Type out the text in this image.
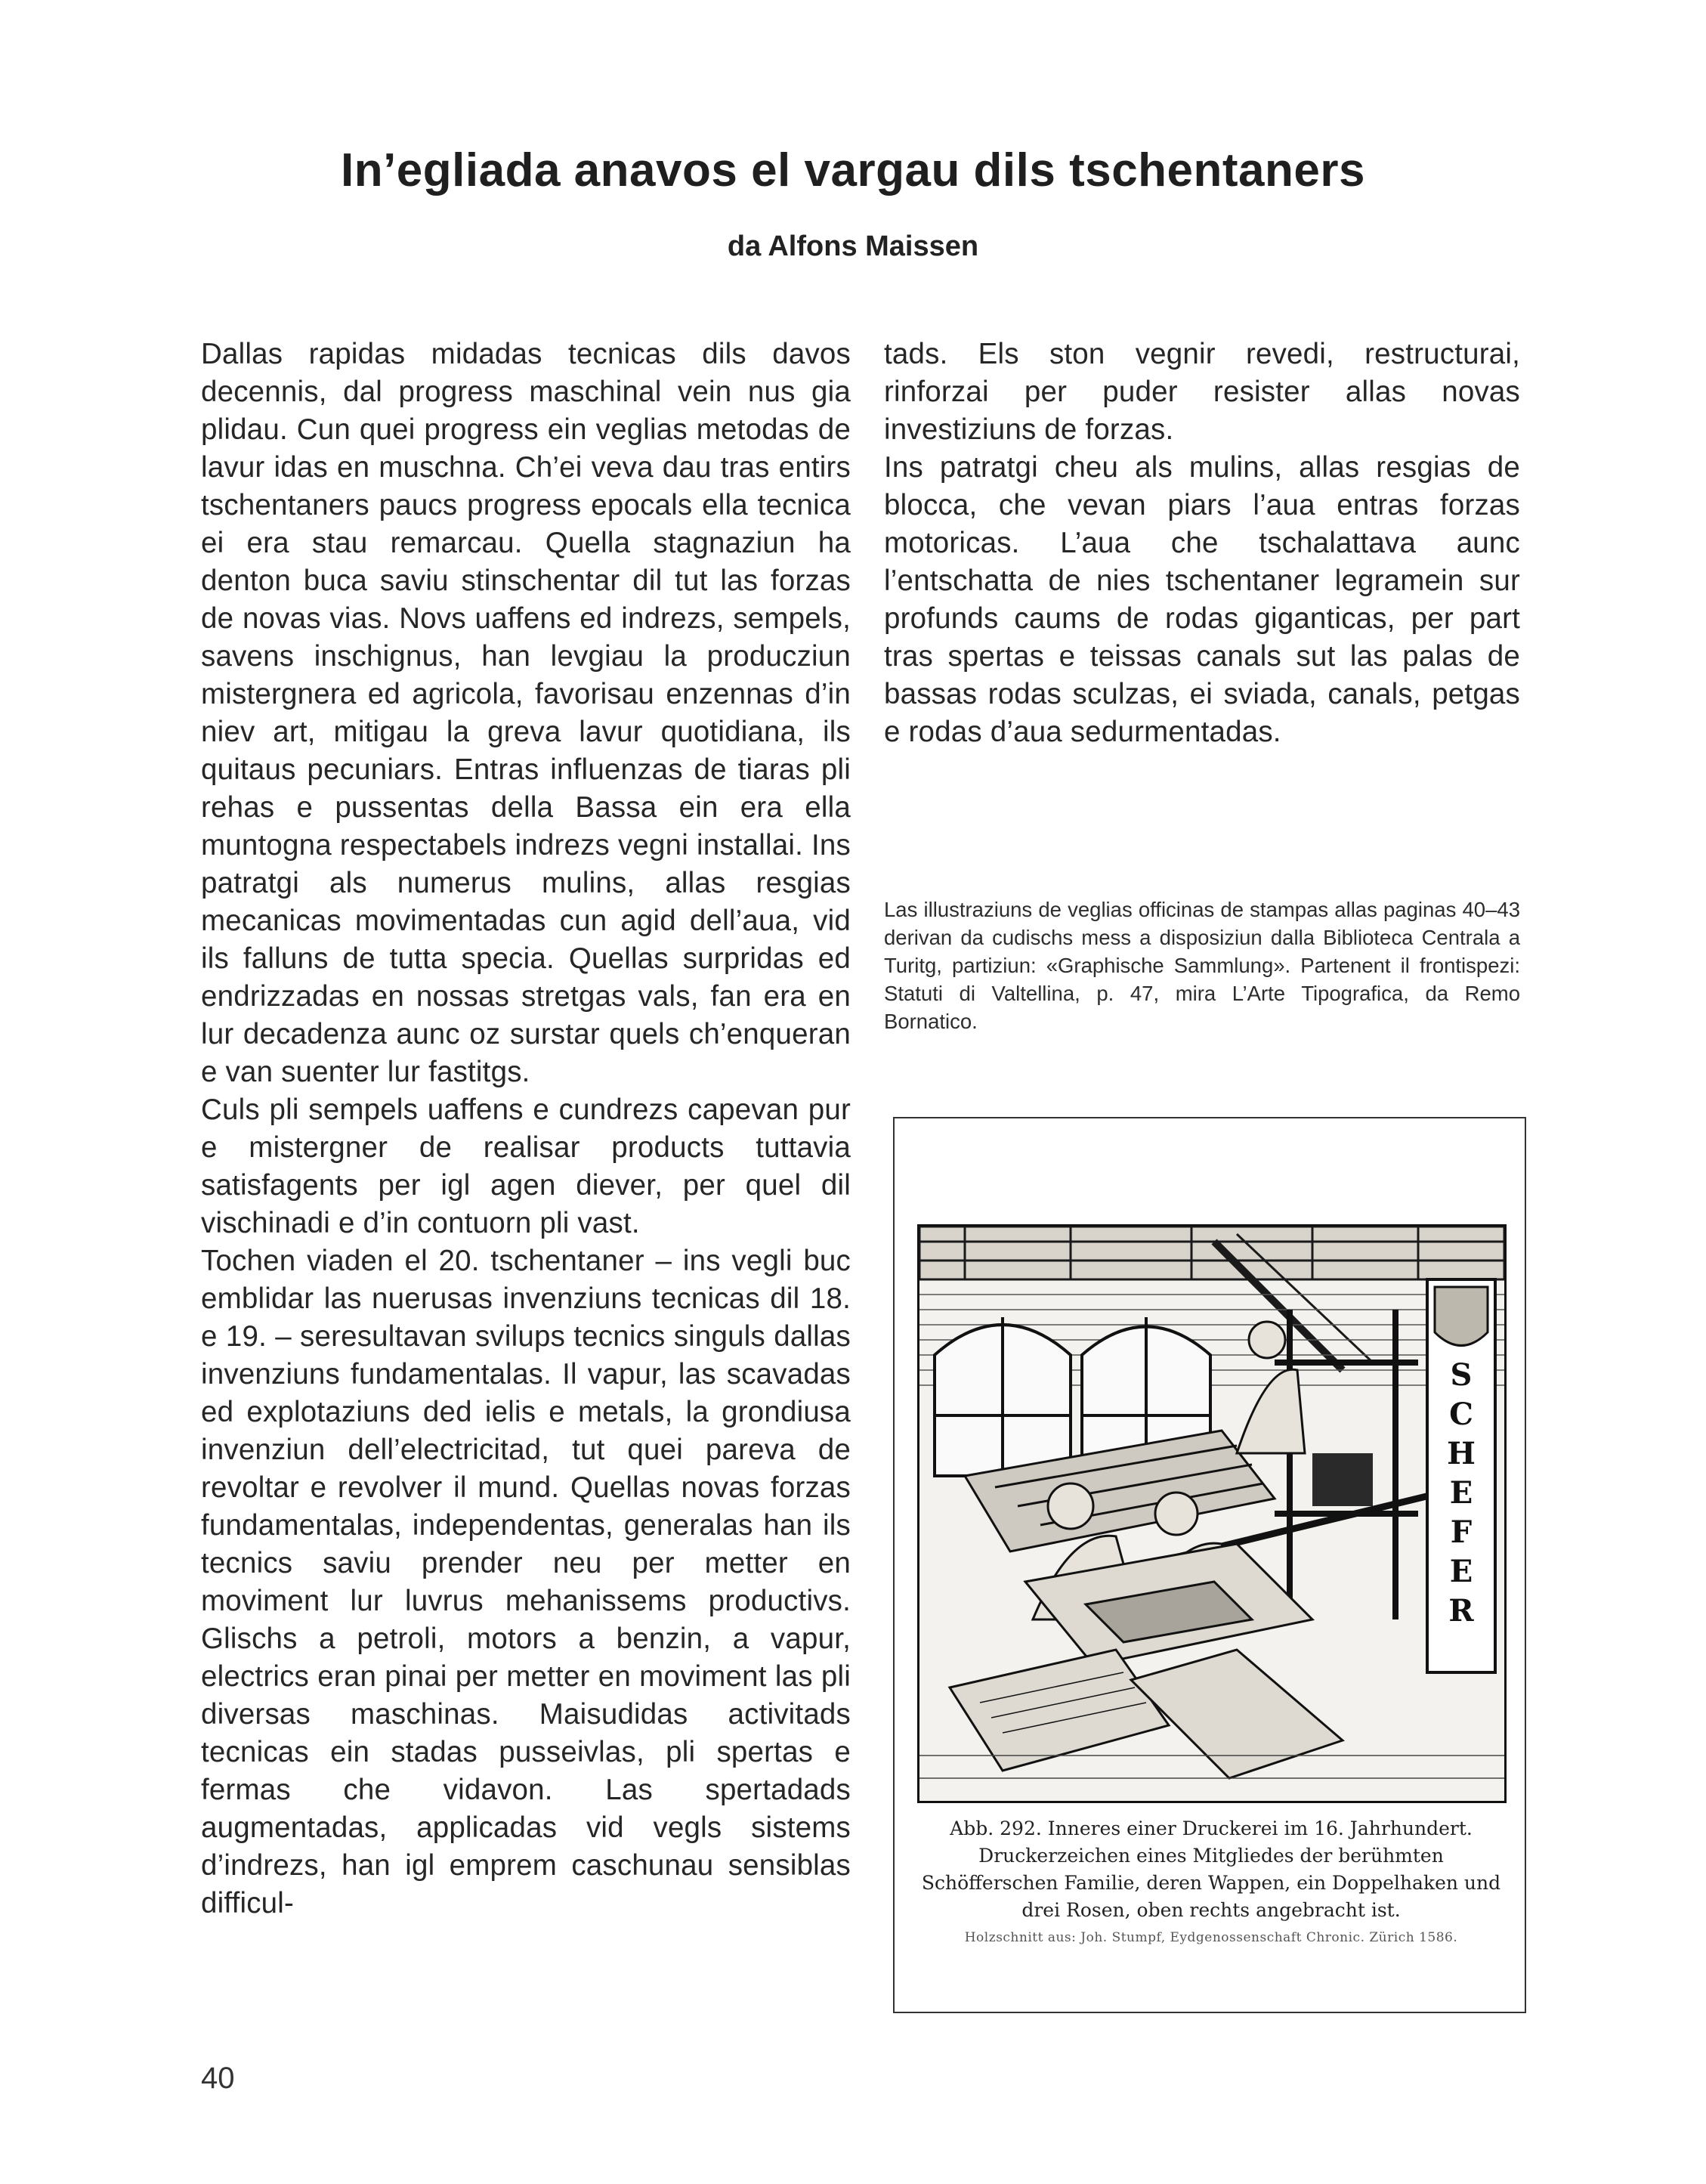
In’egliada anavos el vargau dils tschentaners
da Alfons Maissen

Dallas rapidas midadas tecnicas dils davos decennis, dal progress maschinal vein nus gia plidau. Cun quei progress ein veglias metodas de lavur idas en muschna. Ch’ei veva dau tras entirs tschentaners paucs progress epocals ella tecnica ei era stau remarcau. Quella stagnaziun ha denton buca saviu stinschentar dil tut las forzas de novas vias. Novs uaffens ed indrezs, sempels, savens inschignus, han levgiau la producziun mistergnera ed agricola, favorisau enzennas d’in niev art, mitigau la greva lavur quotidiana, ils quitaus pecuniars. Entras influenzas de tiaras pli rehas e pussentas della Bassa ein era ella muntogna respectabels indrezs vegni installai. Ins patratgi als numerus mulins, allas resgias mecanicas movimentadas cun agid dell’aua, vid ils falluns de tutta specia. Quellas surpridas ed endrizzadas en nossas stretgas vals, fan era en lur decadenza aunc oz surstar quels ch’enqueran e van suenter lur fastitgs.

Culs pli sempels uaffens e cundrezs capevan pur e mistergner de realisar products tuttavia satisfagents per igl agen diever, per quel dil vischinadi e d’in contuorn pli vast.

Tochen viaden el 20. tschentaner – ins vegli buc emblidar las nuerusas invenziuns tecnicas dil 18. e 19. – seresultavan svilups tecnics singuls dallas invenziuns fundamentalas. Il vapur, las scavadas ed explotaziuns ded ielis e metals, la grondiusa invenziun dell’electricitad, tut quei pareva de revoltar e revolver il mund. Quellas novas forzas fundamentalas, independentas, generalas han ils tecnics saviu prender neu per metter en moviment lur luvrus mehanissems productivs. Glischs a petroli, motors a benzin, a vapur, electrics eran pinai per metter en moviment las pli diversas maschinas. Maisudidas activitads tecnicas ein stadas pusseivlas, pli spertas e fermas che vidavon. Las spertadads augmentadas, applicadas vid vegls sistems d’indrezs, han igl emprem caschunau sensiblas difficul-

tads. Els ston vegnir revedi, restructurai, rinforzai per puder resister allas novas investiziuns de forzas.

Ins patratgi cheu als mulins, allas resgias de blocca, che vevan piars l’aua entras forzas motoricas. L’aua che tschalattava aunc l’entschatta de nies tschentaner legramein sur profunds caums de rodas giganticas, per part tras spertas e teissas canals sut las palas de bassas rodas sculzas, ei sviada, canals, petgas e rodas d’aua sedurmentadas.

Las illustraziuns de veglias officinas de stampas allas paginas 40–43 derivan da cudischs mess a disposiziun dalla Biblioteca Centrala a Turitg, partiziun: «Graphische Sammlung». Partenent il frontispezi: Statuti di Valtellina, p. 47, mira L’Arte Tipografica, da Remo Bornatico.
S
C
H
E
F
E
R
Abb. 292. Inneres einer Druckerei im 16. Jahrhundert. Druckerzeichen eines Mitgliedes der berühmten Schöfferschen Familie, deren Wappen, ein Doppelhaken und drei Rosen, oben rechts angebracht ist.
Holzschnitt aus: Joh. Stumpf, Eydgenossenschaft Chronic. Zürich 1586.
40
